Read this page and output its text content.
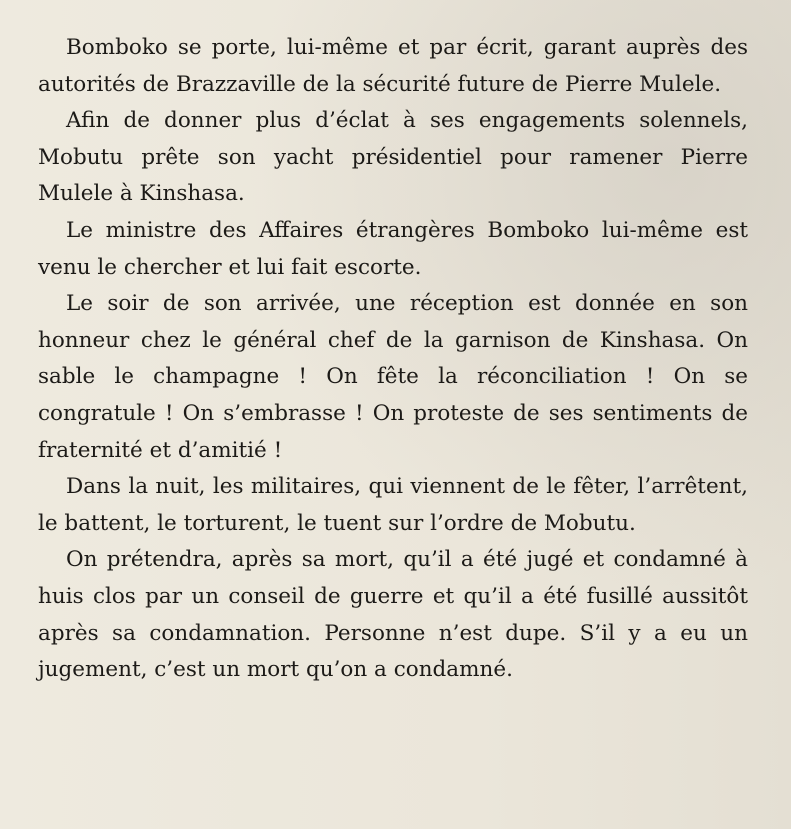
Bomboko se porte, lui-même et par écrit, garant auprès des autorités de Brazzaville de la sécurité future de Pierre Mulele.

Afin de donner plus d’éclat à ses engagements solennels, Mobutu prête son yacht présidentiel pour ramener Pierre Mulele à Kinshasa.

Le ministre des Affaires étrangères Bomboko lui-même est venu le chercher et lui fait escorte.

Le soir de son arrivée, une réception est donnée en son honneur chez le général chef de la garnison de Kinshasa. On sable le champagne ! On fête la réconciliation ! On se congratule ! On s’embrasse ! On proteste de ses sentiments de fraternité et d’amitié !

Dans la nuit, les militaires, qui viennent de le fêter, l’arrêtent, le battent, le torturent, le tuent sur l’ordre de Mobutu.

On prétendra, après sa mort, qu’il a été jugé et condamné à huis clos par un conseil de guerre et qu’il a été fusillé aussitôt après sa condamnation. Personne n’est dupe. S’il y a eu un jugement, c’est un mort qu’on a condamné.
